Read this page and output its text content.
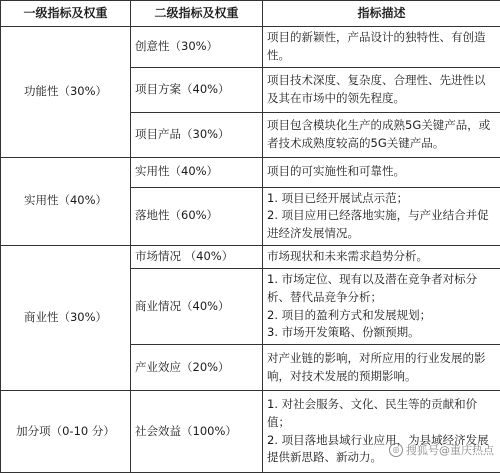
一级指标及权重	二级指标及权重	指标描述
功能性（30%）	创意性（30%）	项目的新颖性，产品设计的独特性、有创造性。
	项目方案（40%）	项目技术深度、复杂度、合理性、先进性以及其在市场中的领先程度。
	项目产品（30%）	项目包含模块化生产的成熟5G关键产品，或者技术成熟度较高的5G关键产品。
实用性（40%）	实用性（40%）	项目的可实施性和可靠性。
	落地性（60%）	1. 项目已经开展试点示范；
2. 项目应用已经落地实施，与产业结合并促进经济发展情况。

商业性（30%）	市场情况 （40%）	市场现状和未来需求趋势分析。
	商业情况（40%）	1. 市场定位、现有以及潜在竞争者对标分析、替代品竞争分析；
2. 项目的盈利方式和发展规划；
3. 市场开发策略、份额预期。

	产业效应（20%）	对产业链的影响，对所应用的行业发展的影响，对技术发展的预期影响。
加分项（0-10 分）	社会效益（100%）	1. 对社会服务、文化、民生等的贡献和价值；
2. 项目落地县域行业应用，为县域经济发展提供新思路、新动力。
◎ 搜狐号@重庆热点
